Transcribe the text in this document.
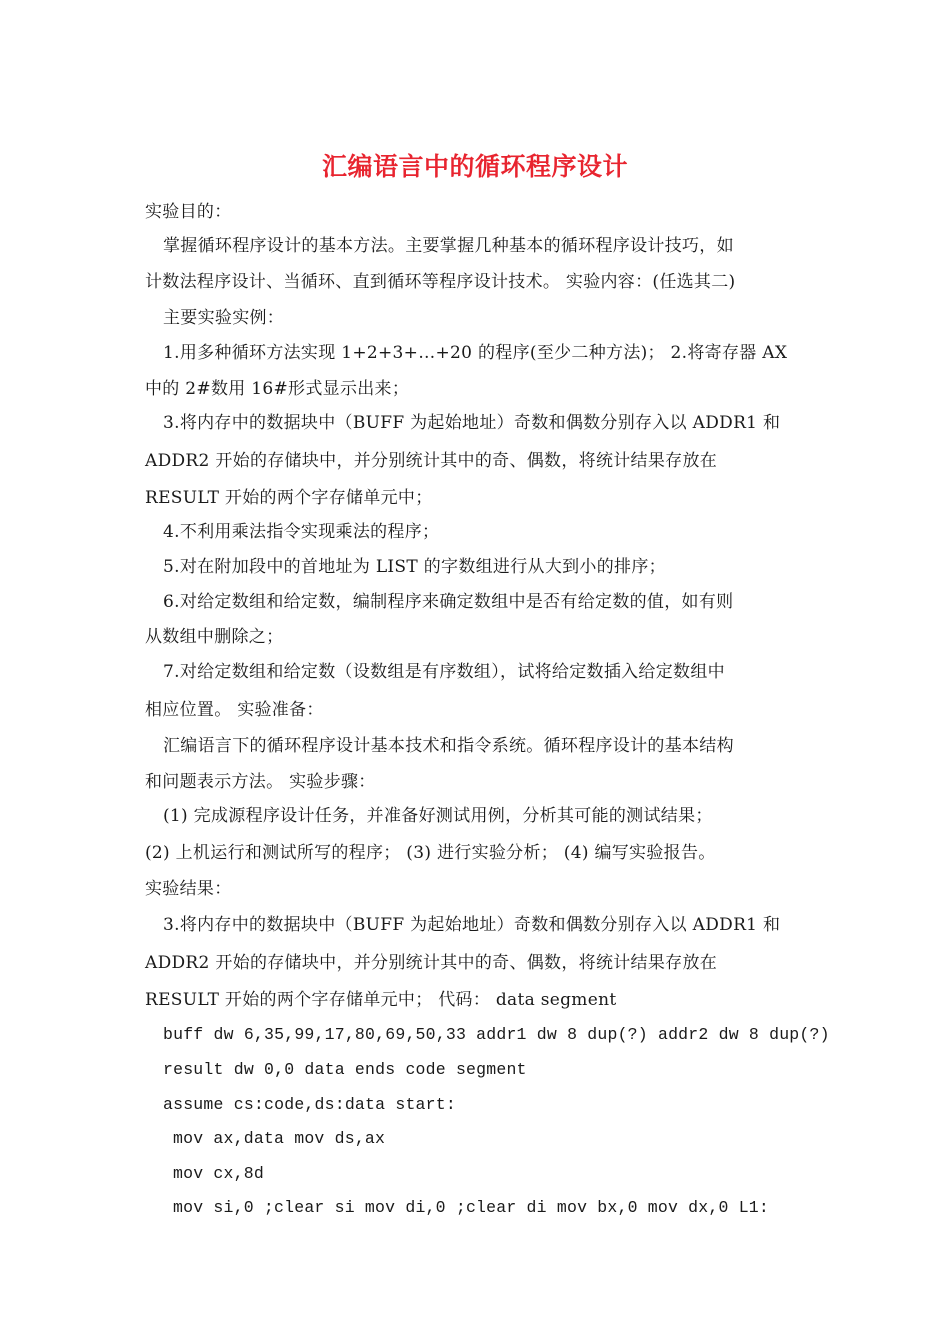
汇编语言中的循环程序设计
实验目的：
掌握循环程序设计的基本方法。主要掌握几种基本的循环程序设计技巧，如
计数法程序设计、当循环、直到循环等程序设计技术。 实验内容：(任选其二)
主要实验实例：
1.用多种循环方法实现 1+2+3+…+20 的程序(至少二种方法)； 2.将寄存器 AX
中的 2#数用 16#形式显示出来；
3.将内存中的数据块中（BUFF 为起始地址）奇数和偶数分别存入以 ADDR1 和
ADDR2 开始的存储块中，并分别统计其中的奇、偶数，将统计结果存放在
RESULT 开始的两个字存储单元中；
4.不利用乘法指令实现乘法的程序；
5.对在附加段中的首地址为 LIST 的字数组进行从大到小的排序；
6.对给定数组和给定数，编制程序来确定数组中是否有给定数的值，如有则
从数组中删除之；
7.对给定数组和给定数（设数组是有序数组），试将给定数插入给定数组中
相应位置。 实验准备：
汇编语言下的循环程序设计基本技术和指令系统。循环程序设计的基本结构
和问题表示方法。 实验步骤：
(1) 完成源程序设计任务，并准备好测试用例，分析其可能的测试结果；
(2) 上机运行和测试所写的程序； (3) 进行实验分析； (4) 编写实验报告。
实验结果：
3.将内存中的数据块中（BUFF 为起始地址）奇数和偶数分别存入以 ADDR1 和
ADDR2 开始的存储块中，并分别统计其中的奇、偶数，将统计结果存放在
RESULT 开始的两个字存储单元中； 代码： data segment
buff dw 6,35,99,17,80,69,50,33 addr1 dw 8 dup(?) addr2 dw 8 dup(?)
result dw 0,0 data ends code segment
assume cs:code,ds:data start:
mov ax,data mov ds,ax
mov cx,8d
mov si,0 ;clear si mov di,0 ;clear di mov bx,0 mov dx,0 L1:
